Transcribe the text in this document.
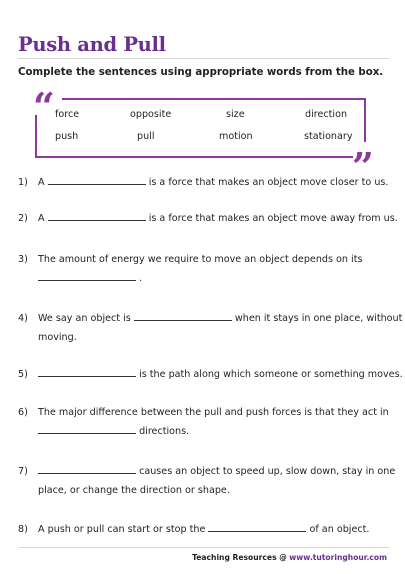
Push and Pull
Complete the sentences using appropriate words from the box.
“
”
force	opposite	size	direction
push	pull	motion	stationary
1) A	is a force that makes an object move closer to us.
2) A	is a force that makes an object move away from us.
3) The amount of energy we require to move an object depends on its
.
4) We say an object is	when it stays in one place, without
moving.
5)	is the path along which someone or something moves.
6) The major difference between the pull and push forces is that they act in
directions.
7)	causes an object to speed up, slow down, stay in one
place, or change the direction or shape.
8) A push or pull can start or stop the	of an object.
Teaching Resources @ www.tutoringhour.com
